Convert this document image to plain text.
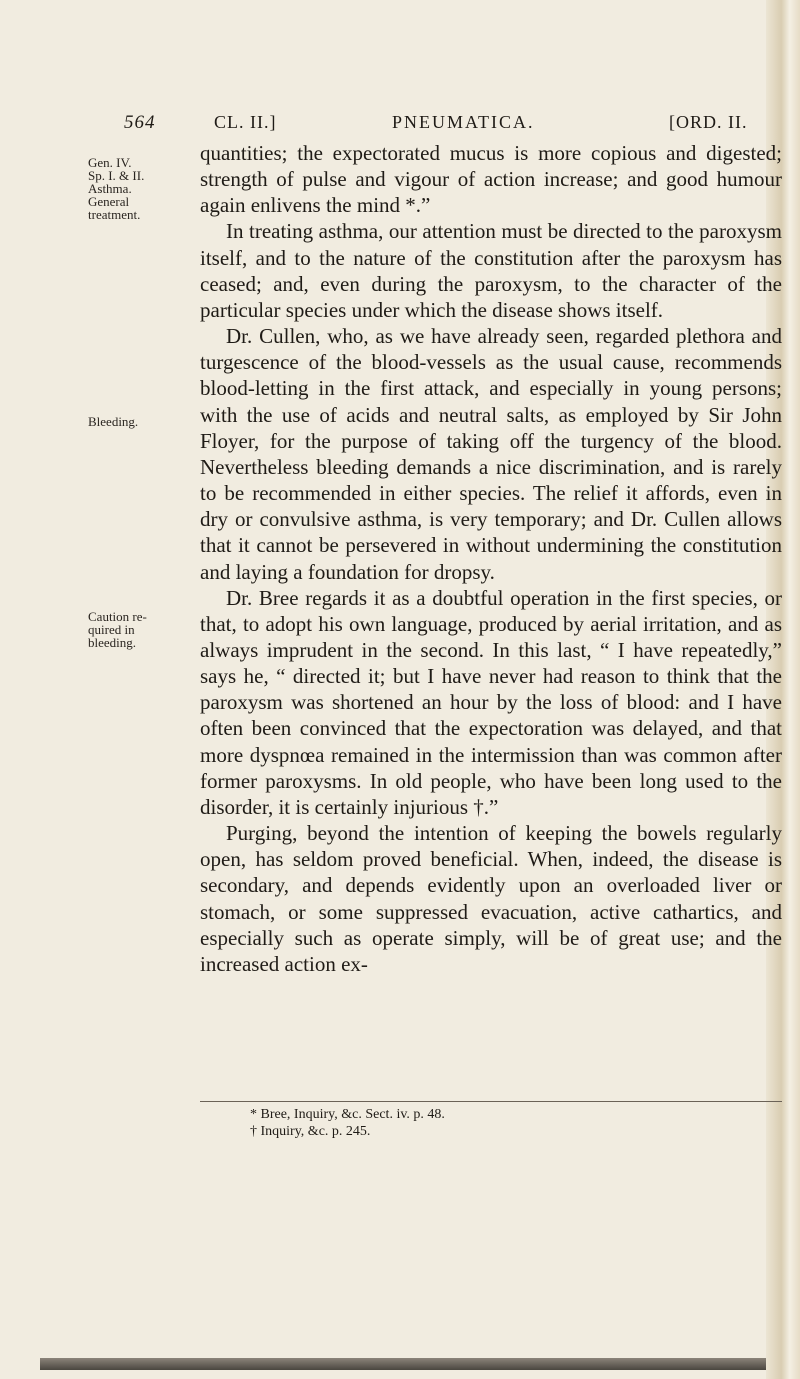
564	CL. II.]	PNEUMATICA.	[ORD. II.
Gen. IV.
Sp. I. & II.
Asthma.
General
treatment.
Bleeding.
Caution re-
quired in
bleeding.

quantities; the expectorated mucus is more copious and digested; strength of pulse and vigour of action increase; and good humour again enlivens the mind *.”

In treating asthma, our attention must be directed to the paroxysm itself, and to the nature of the constitution after the paroxysm has ceased; and, even during the paroxysm, to the character of the particular species under which the disease shows itself.

Dr. Cullen, who, as we have already seen, regarded plethora and turgescence of the blood-vessels as the usual cause, recommends blood-letting in the first attack, and especially in young persons; with the use of acids and neutral salts, as employed by Sir John Floyer, for the purpose of taking off the turgency of the blood. Nevertheless bleeding demands a nice discrimination, and is rarely to be recommended in either species. The relief it affords, even in dry or convulsive asthma, is very temporary; and Dr. Cullen allows that it cannot be persevered in without undermining the constitution and laying a foundation for dropsy.

Dr. Bree regards it as a doubtful operation in the first species, or that, to adopt his own language, produced by aerial irritation, and as always imprudent in the second. In this last, “ I have repeatedly,” says he, “ directed it; but I have never had reason to think that the paroxysm was shortened an hour by the loss of blood: and I have often been convinced that the expectoration was delayed, and that more dyspnœa remained in the intermission than was common after former paroxysms. In old people, who have been long used to the disorder, it is certainly injurious †.”

Purging, beyond the intention of keeping the bowels regularly open, has seldom proved beneficial. When, indeed, the disease is secondary, and depends evidently upon an overloaded liver or stomach, or some suppressed evacuation, active cathartics, and especially such as operate simply, will be of great use; and the increased action ex-

* Bree, Inquiry, &c. Sect. iv. p. 48.
† Inquiry, &c. p. 245.
